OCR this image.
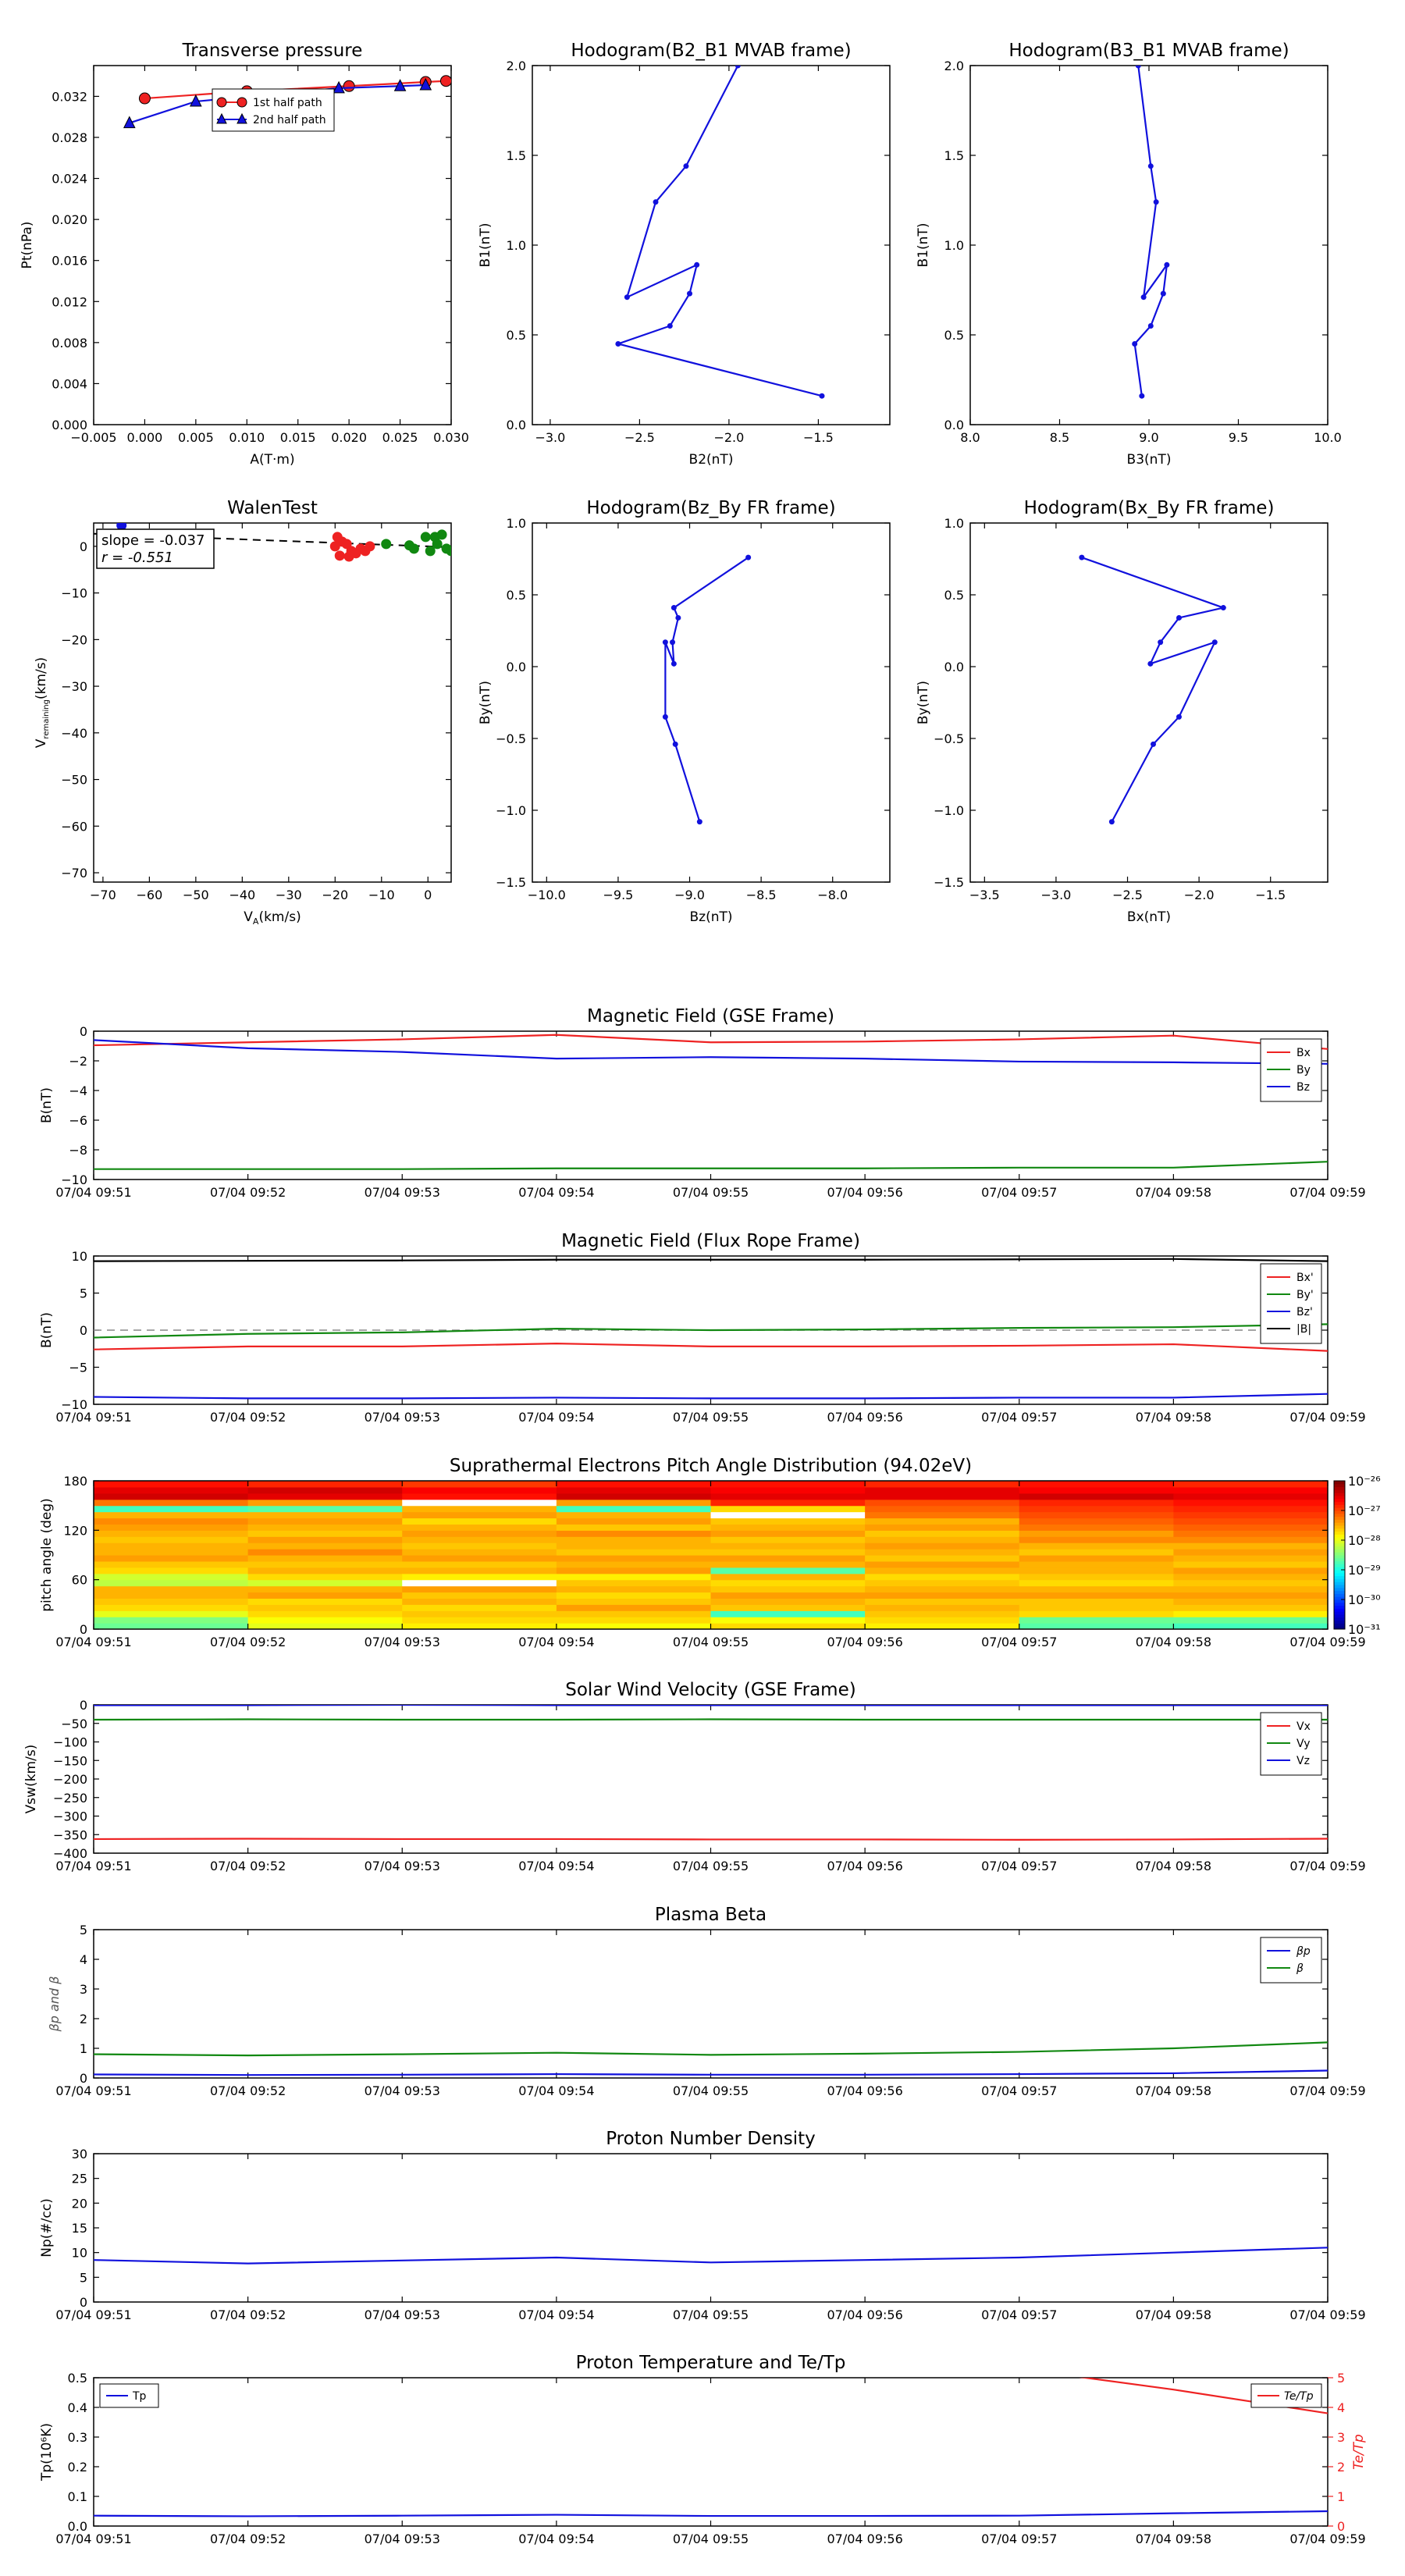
Transverse pressure
0.000
0.004
0.008
0.012
0.016
0.020
0.024
0.028
0.032
−0.005 0.000 0.005 0.010 0.015 0.020 0.025 0.030
A(T·m)
Pt(nPa)
1st half path
2nd half path
Hodogram(B2_B1 MVAB frame)
0.0
0.5
1.0
1.5
2.0
−3.0	−2.5	−2.0	−1.5
B2(nT)
B1(nT)
Hodogram(B3_B1 MVAB frame)
0.0
0.5
1.0
1.5
2.0
8.0	8.5	9.0	9.5	10.0
B3(nT)
B1(nT)
WalenTest
−70
−60
−50
−40
−30
−20
−10
0
−70 −60 −50 −40 −30 −20 −10 0
$V_{remaining}(km/s)$
$V_A(km/s)$
slope = -0.037
r = -0.551
Hodogram(Bz_By FR frame)
−1.5
−1.0
−0.5
0.0
0.5
1.0
−10.0	−9.5	−9.0	−8.5	−8.0
Bz(nT)
By(nT)
Hodogram(Bx_By FR frame)
−1.5
−1.0
−0.5
0.0
0.5
1.0
−3.5	−3.0	−2.5	−2.0	−1.5
Bx(nT)
By(nT)
Magnetic Field (GSE Frame)
−10
−8
−6
−4
−2
0
07/04 09:51	07/04 09:52	07/04 09:53	07/04 09:54	07/04 09:55	07/04 09:56	07/04 09:57	07/04 09:58	07/04 09:59
B(nT)
Bx
By
Bz
Magnetic Field (Flux Rope Frame)
−10
−5
0
5
10
07/04 09:51	07/04 09:52	07/04 09:53	07/04 09:54	07/04 09:55	07/04 09:56	07/04 09:57	07/04 09:58	07/04 09:59
B(nT)
Bx'
By'
Bz'
|B|
10⁻³¹
10⁻³⁰
10⁻²⁹
10⁻²⁸
10⁻²⁷
10⁻²⁶
Suprathermal Electrons Pitch Angle Distribution (94.02eV)
0
60
120
180
07/04 09:51	07/04 09:52	07/04 09:53	07/04 09:54	07/04 09:55	07/04 09:56	07/04 09:57	07/04 09:58	07/04 09:59
pitch angle (deg)
Solar Wind Velocity (GSE Frame)
−400
−350
−300
−250
−200
−150
−100
−50
0
07/04 09:51	07/04 09:52	07/04 09:53	07/04 09:54	07/04 09:55	07/04 09:56	07/04 09:57	07/04 09:58	07/04 09:59
Vsw(km/s)
Vx
Vy
Vz
Plasma Beta
0
1
2
3
4
5
07/04 09:51	07/04 09:52	07/04 09:53	07/04 09:54	07/04 09:55	07/04 09:56	07/04 09:57	07/04 09:58	07/04 09:59
βp and β
βp
β
Proton Number Density
0
5
10
15
20
25
30
07/04 09:51	07/04 09:52	07/04 09:53	07/04 09:54	07/04 09:55	07/04 09:56	07/04 09:57	07/04 09:58	07/04 09:59
Np(#/cc)
Proton Temperature and Te/Tp
0.0
0.1
0.2
0.3
0.4
0.5
07/04 09:51	07/04 09:52	07/04 09:53	07/04 09:54	07/04 09:55	07/04 09:56	07/04 09:57	07/04 09:58	07/04 09:59
Tp(10⁶K)
0
1
2
3
4
5
Te/Tp
Tp	Te/Tp
